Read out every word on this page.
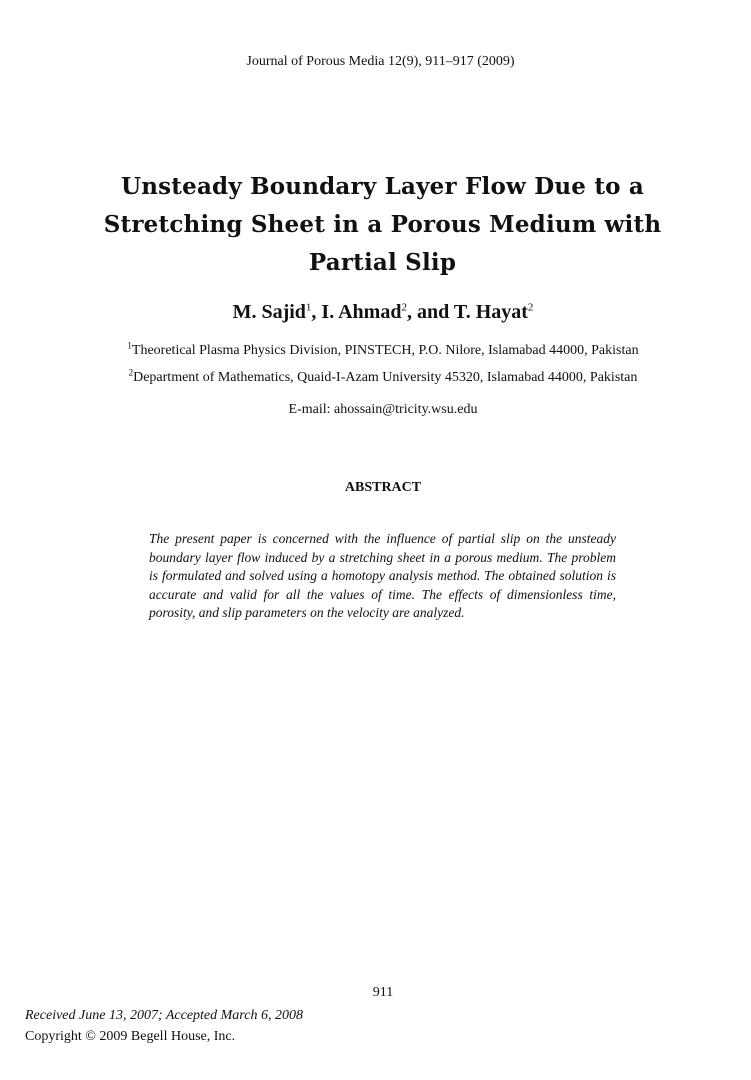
Journal of Porous Media 12(9), 911–917 (2009)
Unsteady Boundary Layer Flow Due to a
Stretching Sheet in a Porous Medium with
Partial Slip
M. Sajid$^1$, I. Ahmad$^2$, and T. Hayat$^2$
$^1$Theoretical Plasma Physics Division, PINSTECH, P.O. Nilore, Islamabad 44000, Pakistan
$^2$Department of Mathematics, Quaid-I-Azam University 45320, Islamabad 44000, Pakistan
E-mail: ahossain@tricity.wsu.edu
ABSTRACT
The present paper is concerned with the influence of partial slip on the unsteady boundary layer flow induced by a stretching sheet in a porous medium. The problem is formulated and solved using a homotopy analysis method. The obtained solution is accurate and valid for all the values of time. The effects of dimensionless time, porosity, and slip parameters on the velocity are analyzed.
911
Received June 13, 2007; Accepted March 6, 2008
Copyright © 2009 Begell House, Inc.
